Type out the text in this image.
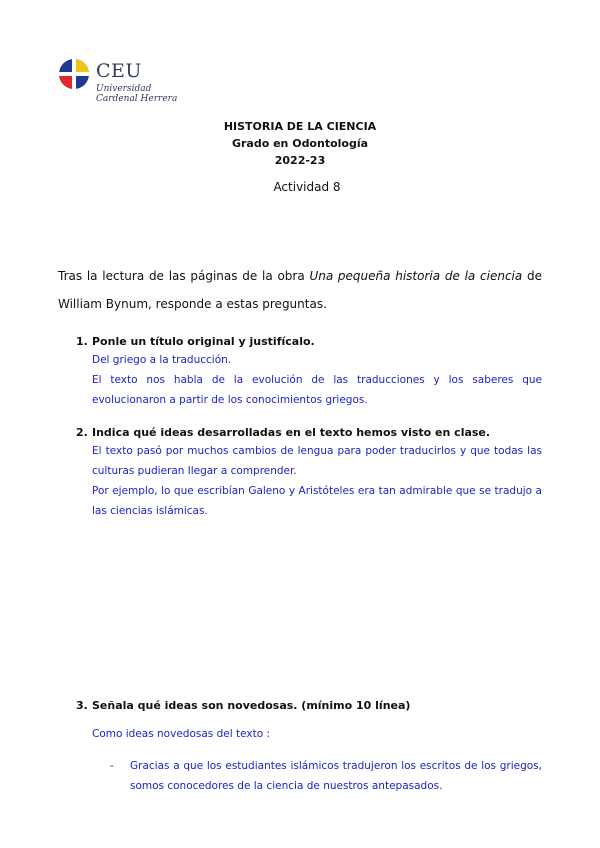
CEU
Universidad
Cardenal Herrera
HISTORIA DE LA CIENCIA
Grado en Odontología
2022-23
Actividad 8
Tras la lectura de las páginas de la obra Una pequeña historia de la ciencia de William Bynum, responde a estas preguntas.
1. Ponle un título original y justifícalo.

Del griego a la traducción.

El texto nos habla de la evolución de las traducciones y los saberes que evolucionaron a partir de los conocimientos griegos.

2. Indica qué ideas desarrolladas en el texto hemos visto en clase.

El texto pasó por muchos cambios de lengua para poder traducirlos y que todas las culturas pudieran llegar a comprender.

Por ejemplo, lo que escribían Galeno y Aristóteles era tan admirable que se tradujo a las ciencias islámicas.

3. Señala qué ideas son novedosas. (mínimo 10 línea)
Como ideas novedosas del texto :
- Gracias a que los estudiantes islámicos tradujeron los escritos de los griegos, somos conocedores de la ciencia de nuestros antepasados.
